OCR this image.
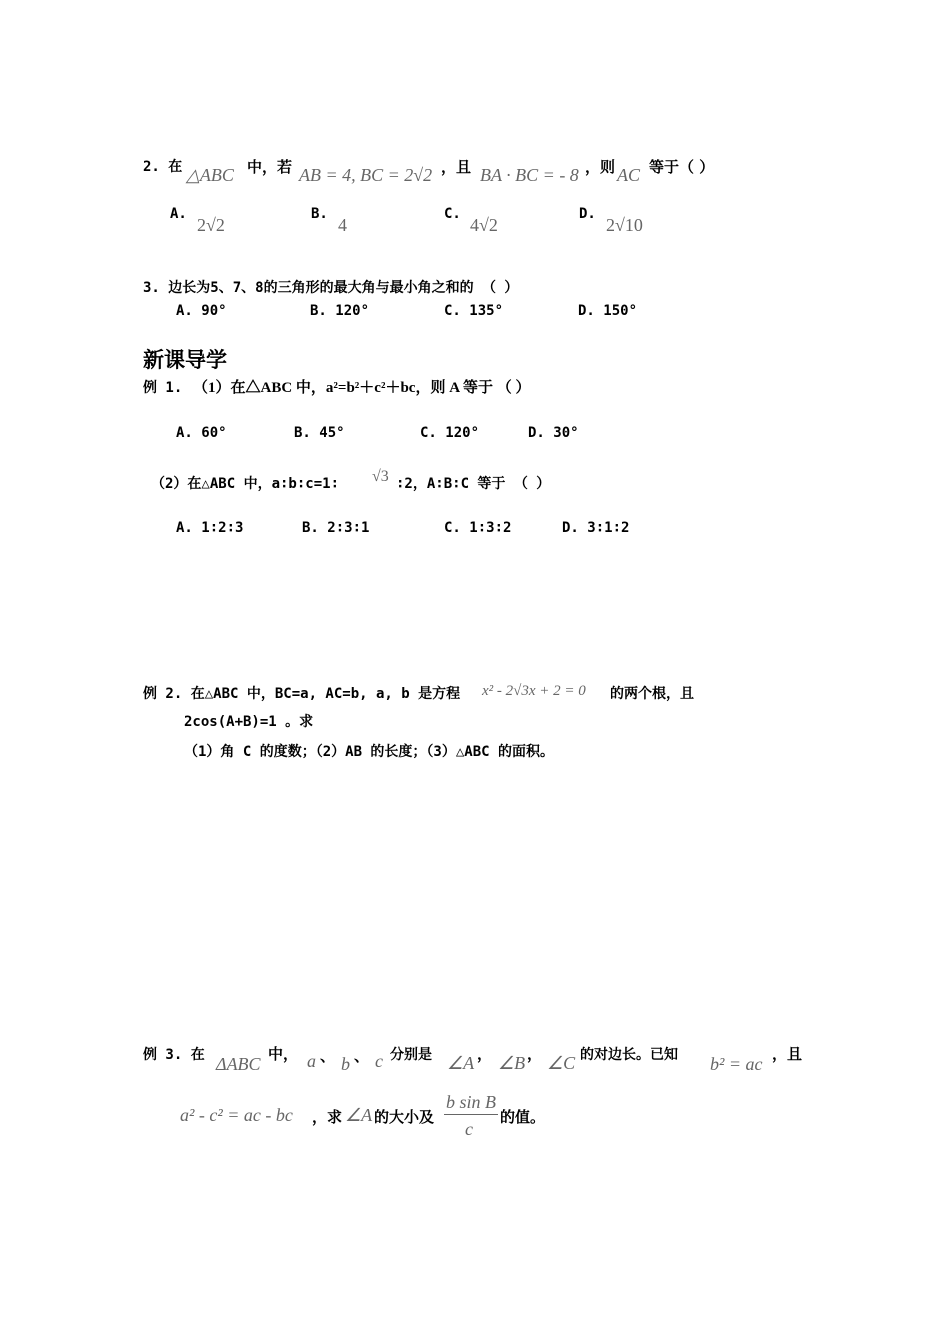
2. 在 △ABC 中，若 AB = 4, BC = 2√2 ，且 BA · BC = - 8 ，则 AC 等于（ ）
A.
2√2
B.
4
C.
4√2
D.
2√10
3. 边长为5、7、8的三角形的最大角与最小角之和的 （ ）
A. 90°	B. 120°	C. 135°	D. 150°
新课导学
例 1. （1）在△ABC 中，a²=b²＋c²＋bc，则 A 等于 （ ）
A. 60°	B. 45°	C. 120°	D. 30°
（2）在△ABC 中，a∶b∶c=1∶ √3 ∶2，A∶B∶C 等于 （ ）
A. 1∶2∶3	B. 2∶3∶1	C. 1∶3∶2	D. 3∶1∶2
例 2. 在△ABC 中，BC=a, AC=b, a, b 是方程 x² - 2√3x + 2 = 0 的两个根，且
2cos(A+B)=1 。求
（1）角 C 的度数；（2）AB 的长度；（3）△ABC 的面积。
例 3. 在 ΔABC 中， a 、 b 、 c 分别是 ∠A ， ∠B ， ∠C 的对边长。已知 b² = ac ，且
a² - c² = ac - bc ，求 ∠A 的大小及
b sin B
c
的值。
